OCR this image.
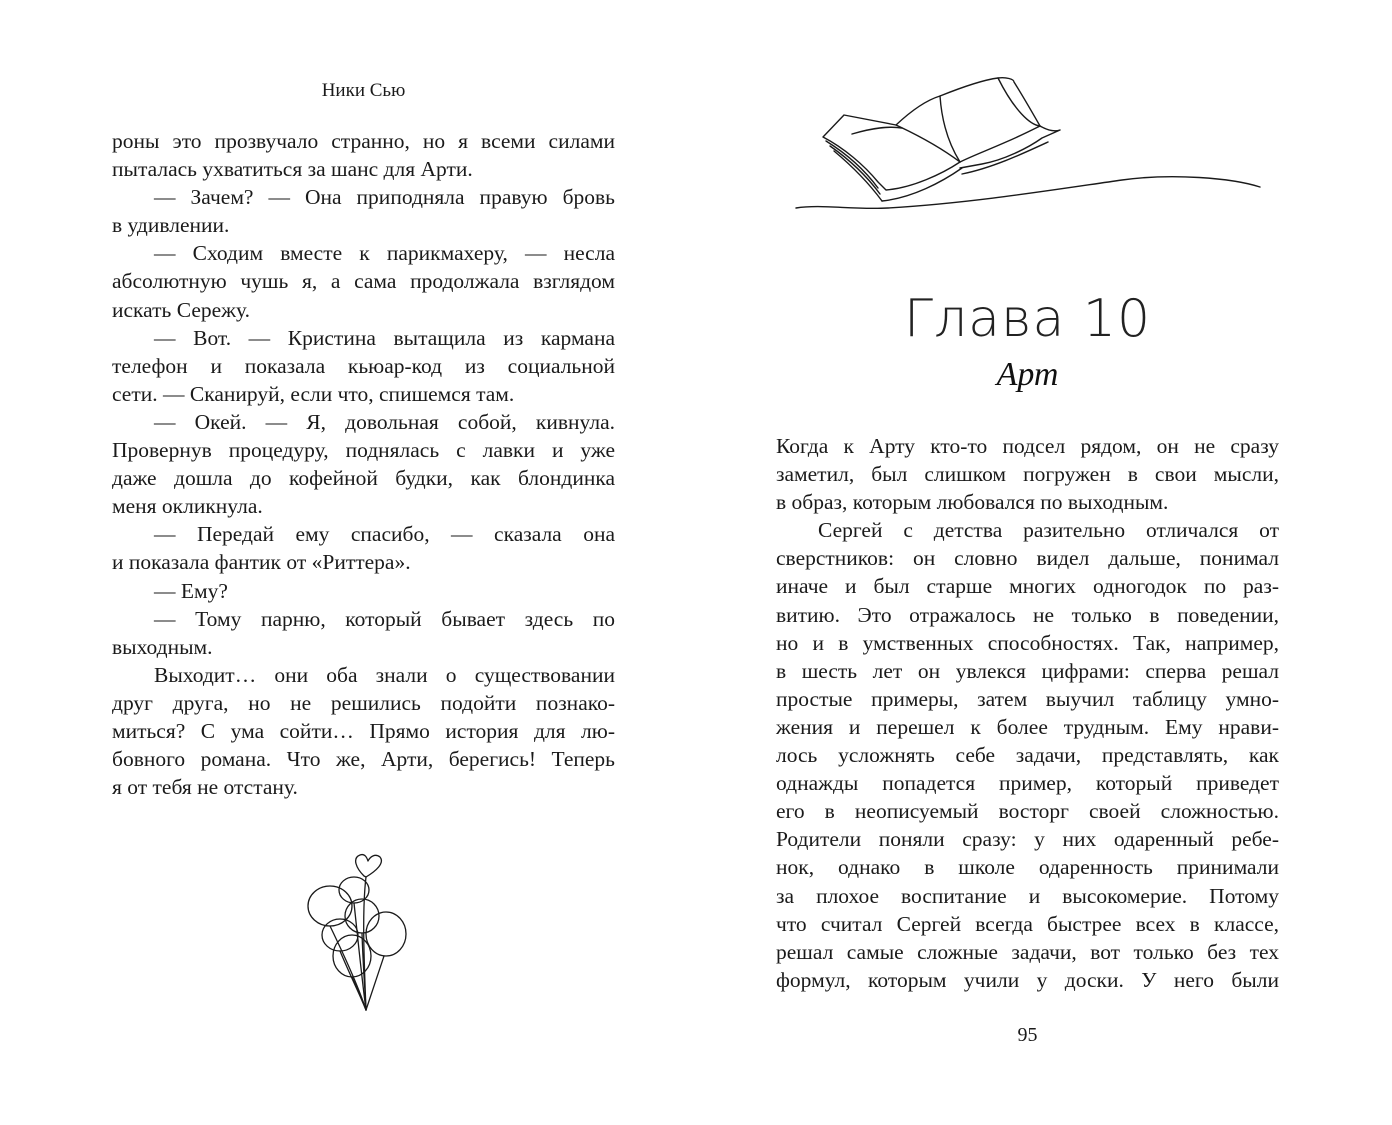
Ники Сью
роны это прозвучало странно, но я всеми силами
пыталась ухватиться за шанс для Арти.
— Зачем? — Она приподняла правую бровь
в удивлении.
— Сходим вместе к парикмахеру, — несла
абсолютную чушь я, а сама продолжала взглядом
искать Сережу.
— Вот. — Кристина вытащила из кармана
телефон и показала кьюар-код из социальной
сети. — Сканируй, если что, спишемся там.
— Окей. — Я, довольная собой, кивнула.
Провернув процедуру, поднялась с лавки и уже
даже дошла до кофейной будки, как блондинка
меня окликнула.
— Передай ему спасибо, — сказала она
и показала фантик от «Риттера».
— Ему?
— Тому парню, который бывает здесь по
выходным.
Выходит… они оба знали о существовании
друг друга, но не решились подойти познако-
миться? С ума сойти… Прямо история для лю-
бовного романа. Что же, Арти, берегись! Теперь
я от тебя не отстану.
Глава 10
Арт
Когда к Арту кто-то подсел рядом, он не сразу
заметил, был слишком погружен в свои мысли,
в образ, которым любовался по выходным.
Сергей с детства разительно отличался от
сверстников: он словно видел дальше, понимал
иначе и был старше многих одногодок по раз-
витию. Это отражалось не только в поведении,
но и в умственных способностях. Так, например,
в шесть лет он увлекся цифрами: сперва решал
простые примеры, затем выучил таблицу умно-
жения и перешел к более трудным. Ему нрави-
лось усложнять себе задачи, представлять, как
однажды попадется пример, который приведет
его в неописуемый восторг своей сложностью.
Родители поняли сразу: у них одаренный ребе-
нок, однако в школе одаренность принимали
за плохое воспитание и высокомерие. Потому
что считал Сергей всегда быстрее всех в классе,
решал самые сложные задачи, вот только без тех
формул, которым учили у доски. У него были
95
